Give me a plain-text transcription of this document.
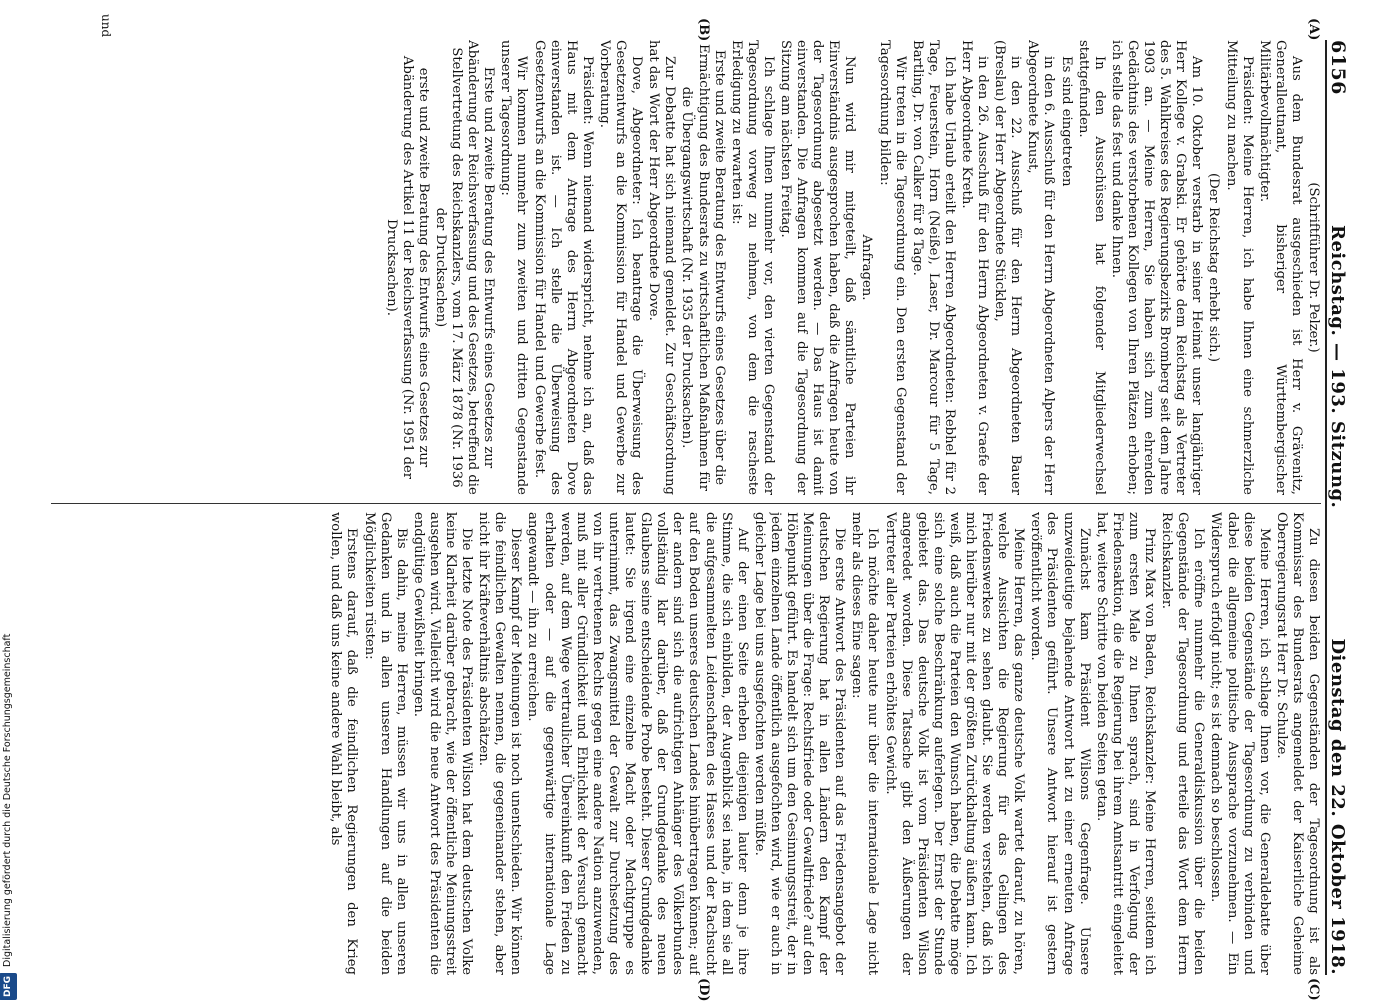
6156
Reichstag. — 193. Sitzung.
Dienstag den 22. Oktober 1918.
(A)
(B)
(C)
(D)
und

(Schriftführer Dr. Pelzer.)

Aus dem Bundesrat ausgeschieden ist Herr v. Grävenitz, Generalleutnant, bisheriger Württembergischer Militärbevollmächtigter.

Präsident: Meine Herren, ich habe Ihnen eine schmerzliche Mitteilung zu machen.

(Der Reichstag erhebt sich.)

Am 10. Oktober verstarb in seiner Heimat unser langjähriger Herr Kollege v. Grabski. Er gehörte dem Reichstag als Vertreter des 5. Wahlkreises des Regierungsbezirks Bromberg seit dem Jahre 1903 an. — Meine Herren, Sie haben sich zum ehrenden Gedächtnis des verstorbenen Kollegen von Ihren Plätzen erhoben; ich stelle das fest und danke Ihnen.

In den Ausschüssen hat folgender Mitgliederwechsel stattgefunden.

Es sind eingetreten

in den 6. Ausschuß für den Herrn Abgeordneten Alpers der Herr Abgeordnete Knust,

in den 22. Ausschuß für den Herrn Abgeordneten Bauer (Breslau) der Herr Abgeordnete Stücklen,

in den 26. Ausschuß für den Herrn Abgeordneten v. Graefe der Herr Abgeordnete Kreth.

Ich habe Urlaub erteilt den Herren Abgeordneten: Rebhel für 2 Tage, Feuerstein, Horn (Neiße), Laser, Dr. Marcour für 5 Tage, Bartling, Dr. von Calker für 8 Tage.

Wir treten in die Tagesordnung ein. Den ersten Gegenstand der Tagesordnung bilden:

Anfragen.

Nun wird mir mitgeteilt, daß sämtliche Parteien ihr Einverständnis ausgesprochen haben, daß die Anfragen heute von der Tagesordnung abgesetzt werden. — Das Haus ist damit einverstanden. Die Anfragen kommen auf die Tagesordnung der Sitzung am nächsten Freitag.

Ich schlage Ihnen nunmehr vor, den vierten Gegenstand der Tagesordnung vorweg zu nehmen, von dem die rascheste Erledigung zu erwarten ist:

Erste und zweite Beratung des Entwurfs eines Gesetzes über die Ermächtigung des Bundesrats zu wirtschaftlichen Maßnahmen für die Übergangswirtschaft (Nr. 1935 der Drucksachen).

Zur Debatte hat sich niemand gemeldet. Zur Geschäftsordnung hat das Wort der Herr Abgeordnete Dove.

Dove, Abgeordneter: Ich beantrage die Überweisung des Gesetzentwurfs an die Kommission für Handel und Gewerbe zur Vorberatung.

Präsident: Wenn niemand widerspricht, nehme ich an, daß das Haus mit dem Antrage des Herrn Abgeordneten Dove einverstanden ist. — Ich stelle die Überweisung des Gesetzentwurfs an die Kommission für Handel und Gewerbe fest.

Wir kommen nunmehr zum zweiten und dritten Gegenstande unserer Tagesordnung:

Erste und zweite Beratung des Entwurfs eines Gesetzes zur Abänderung der Reichsverfassung und des Gesetzes, betreffend die Stellvertretung des Reichskanzlers, vom 17. März 1878 (Nr. 1936 der Drucksachen)

erste und zweite Beratung des Entwurfs eines Gesetzes zur Abänderung des Artikel 11 der Reichsverfassung (Nr. 1951 der Drucksachen).

Zu diesen beiden Gegenständen der Tagesordnung ist als Kommissar des Bundesrats angemeldet der Kaiserliche Geheime Oberregierungsrat Herr Dr. Schulze.

Meine Herren, ich schlage Ihnen vor, die Generaldebatte über diese beiden Gegenstände der Tagesordnung zu verbinden und dabei die allgemeine politische Aussprache vorzunehmen. — Ein Widerspruch erfolgt nicht; es ist demnach so beschlossen.

Ich eröffne nunmehr die Generaldiskussion über die beiden Gegenstände der Tagesordnung und erteile das Wort dem Herrn Reichskanzler.

Prinz Max von Baden, Reichskanzler: Meine Herren, seitdem ich zum ersten Male zu Ihnen sprach, sind in Verfolgung der Friedensaktion, die die Regierung bei ihrem Amtsantritt eingeleitet hat, weitere Schritte von beiden Seiten getan.

Zunächst kam Präsident Wilsons Gegenfrage. Unsere unzweideutige bejahende Antwort hat zu einer erneuten Anfrage des Präsidenten geführt. Unsere Antwort hierauf ist gestern veröffentlicht worden.

Meine Herren, das ganze deutsche Volk wartet darauf, zu hören, welche Aussichten die Regierung für das Gelingen des Friedenswerkes zu sehen glaubt. Sie werden verstehen, daß ich mich hierüber nur mit der größten Zurückhaltung äußern kann. Ich weiß, daß auch die Parteien den Wunsch haben, die Debatte möge sich eine solche Beschränkung auferlegen. Der Ernst der Stunde gebietet das. Das deutsche Volk ist vom Präsidenten Wilson angeredet worden. Diese Tatsache gibt den Äußerungen der Vertreter aller Parteien erhöhtes Gewicht.

Ich möchte daher heute nur über die internationale Lage nicht mehr als dieses Eine sagen:

Die erste Antwort des Präsidenten auf das Friedensangebot der deutschen Regierung hat in allen Ländern den Kampf der Meinungen über die Frage: Rechtsfriede oder Gewaltfriede? auf den Höhepunkt geführt. Es handelt sich um den Gesinnungsstreit, der in jedem einzelnen Lande öffentlich ausgefochten wird, wie er auch in gleicher Lage bei uns ausgefochten werden müßte.

Auf der einen Seite erheben diejenigen lauter denn je ihre Stimme, die sich einbilden, der Augenblick sei nahe, in dem sie all die aufgesammelten Leidenschaften des Hasses und der Rachsucht auf den Boden unseres deutschen Landes hinübertragen können; auf der andern sind sich die aufrichtigen Anhänger des Völkerbundes vollständig klar darüber, daß der Grundgedanke des neuen Glaubens seine entscheidende Probe besteht. Dieser Grundgedanke lautet: Sie irgend eine einzelne Macht oder Machtgruppe es unternimmt, das Zwangsmittel der Gewalt zur Durchsetzung des von ihr vertretenen Rechts gegen eine andere Nation anzuwenden, muß mit aller Gründlichkeit und Ehrlichkeit der Versuch gemacht werden, auf dem Wege vertraulicher Übereinkunft den Frieden zu erhalten oder — auf die gegenwärtige internationale Lage angewandt — ihn zu erreichen.

Dieser Kampf der Meinungen ist noch unentschieden. Wir können die feindlichen Gewalten nennen, die gegeneinander stehen, aber nicht ihr Kräfteverhältnis abschätzen.

Die letzte Note des Präsidenten Wilson hat dem deutschen Volke keine Klarheit darüber gebracht, wie der öffentliche Meinungsstreit ausgehen wird. Vielleicht wird die neue Antwort des Präsidenten die endgültige Gewißheit bringen.

Bis dahin, meine Herren, müssen wir uns in allen unseren Gedanken und in allen unseren Handlungen auf die beiden Möglichkeiten rüsten:

Erstens darauf, daß die feindlichen Regierungen den Krieg wollen, und daß uns keine andere Wahl bleibt, als

DFG
Digitalisierung gefördert durch die Deutsche Forschungsgemeinschaft
